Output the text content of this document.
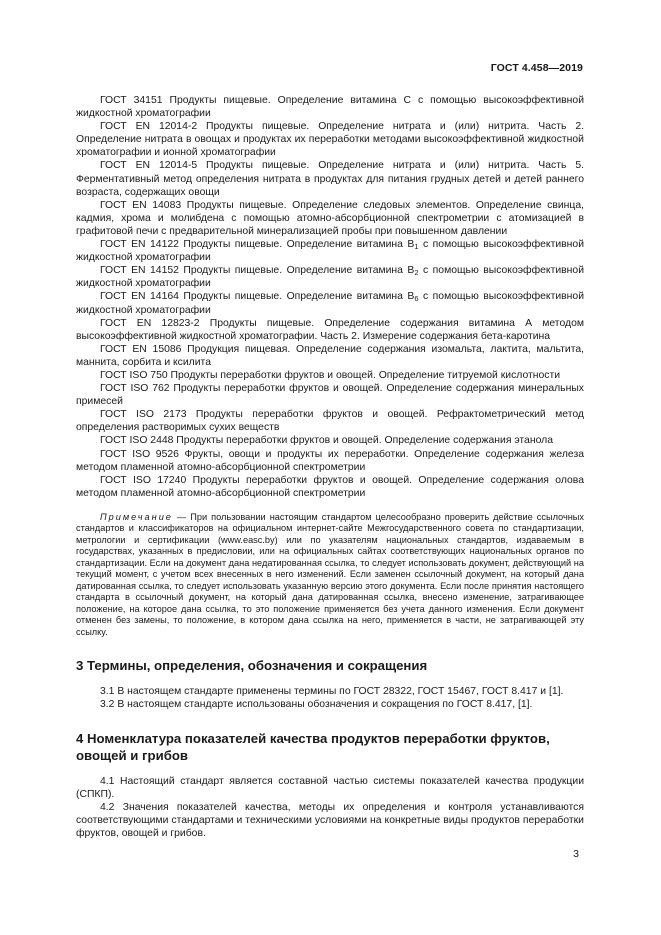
ГОСТ 4.458—2019

ГОСТ 34151 Продукты пищевые. Определение витамина C с помощью высокоэффективной жидкостной хроматографии

ГОСТ EN 12014-2 Продукты пищевые. Определение нитрата и (или) нитрита. Часть 2. Определение нитрата в овощах и продуктах их переработки методами высокоэффективной жидкостной хроматографии и ионной хроматографии

ГОСТ EN 12014-5 Продукты пищевые. Определение нитрата и (или) нитрита. Часть 5. Ферментативный метод определения нитрата в продуктах для питания грудных детей и детей раннего возраста, содержащих овощи

ГОСТ EN 14083 Продукты пищевые. Определение следовых элементов. Определение свинца, кадмия, хрома и молибдена с помощью атомно-абсорбционной спектрометрии с атомизацией в графитовой печи с предварительной минерализацией пробы при повышенном давлении

ГОСТ EN 14122 Продукты пищевые. Определение витамина $B_1$ с помощью высокоэффективной жидкостной хроматографии

ГОСТ EN 14152 Продукты пищевые. Определение витамина $B_2$ с помощью высокоэффективной жидкостной хроматографии

ГОСТ EN 14164 Продукты пищевые. Определение витамина $B_6$ с помощью высокоэффективной жидкостной хроматографии

ГОСТ EN 12823-2 Продукты пищевые. Определение содержания витамина А методом высокоэффективной жидкостной хроматографии. Часть 2. Измерение содержания бета-каротина

ГОСТ EN 15086 Продукция пищевая. Определение содержания изомальта, лактита, мальтита, маннита, сорбита и ксилита

ГОСТ ISO 750 Продукты переработки фруктов и овощей. Определение титруемой кислотности

ГОСТ ISO 762 Продукты переработки фруктов и овощей. Определение содержания минеральных примесей

ГОСТ ISO 2173 Продукты переработки фруктов и овощей. Рефрактометрический метод определения растворимых сухих веществ

ГОСТ ISO 2448 Продукты переработки фруктов и овощей. Определение содержания этанола

ГОСТ ISO 9526 Фрукты, овощи и продукты их переработки. Определение содержания железа методом пламенной атомно-абсорбционной спектрометрии

ГОСТ ISO 17240 Продукты переработки фруктов и овощей. Определение содержания олова методом пламенной атомно-абсорбционной спектрометрии

Примечание — При пользовании настоящим стандартом целесообразно проверить действие ссылочных стандартов и классификаторов на официальном интернет-сайте Межгосударственного совета по стандартизации, метрологии и сертификации (www.easc.by) или по указателям национальных стандартов, издаваемым в государствах, указанных в предисловии, или на официальных сайтах соответствующих национальных органов по стандартизации. Если на документ дана недатированная ссылка, то следует использовать документ, действующий на текущий момент, с учетом всех внесенных в него изменений. Если заменен ссылочный документ, на который дана датированная ссылка, то следует использовать указанную версию этого документа. Если после принятия настоящего стандарта в ссылочный документ, на который дана датированная ссылка, внесено изменение, затрагивающее положение, на которое дана ссылка, то это положение применяется без учета данного изменения. Если документ отменен без замены, то положение, в котором дана ссылка на него, применяется в части, не затрагивающей эту ссылку.

3 Термины, определения, обозначения и сокращения

3.1 В настоящем стандарте применены термины по ГОСТ 28322, ГОСТ 15467, ГОСТ 8.417 и [1].

3.2 В настоящем стандарте использованы обозначения и сокращения по ГОСТ 8.417, [1].

4 Номенклатура показателей качества продуктов переработки фруктов, овощей и грибов

4.1 Настоящий стандарт является составной частью системы показателей качества продукции (СПКП).

4.2 Значения показателей качества, методы их определения и контроля устанавливаются соответствующими стандартами и техническими условиями на конкретные виды продуктов переработки фруктов, овощей и грибов.

3
